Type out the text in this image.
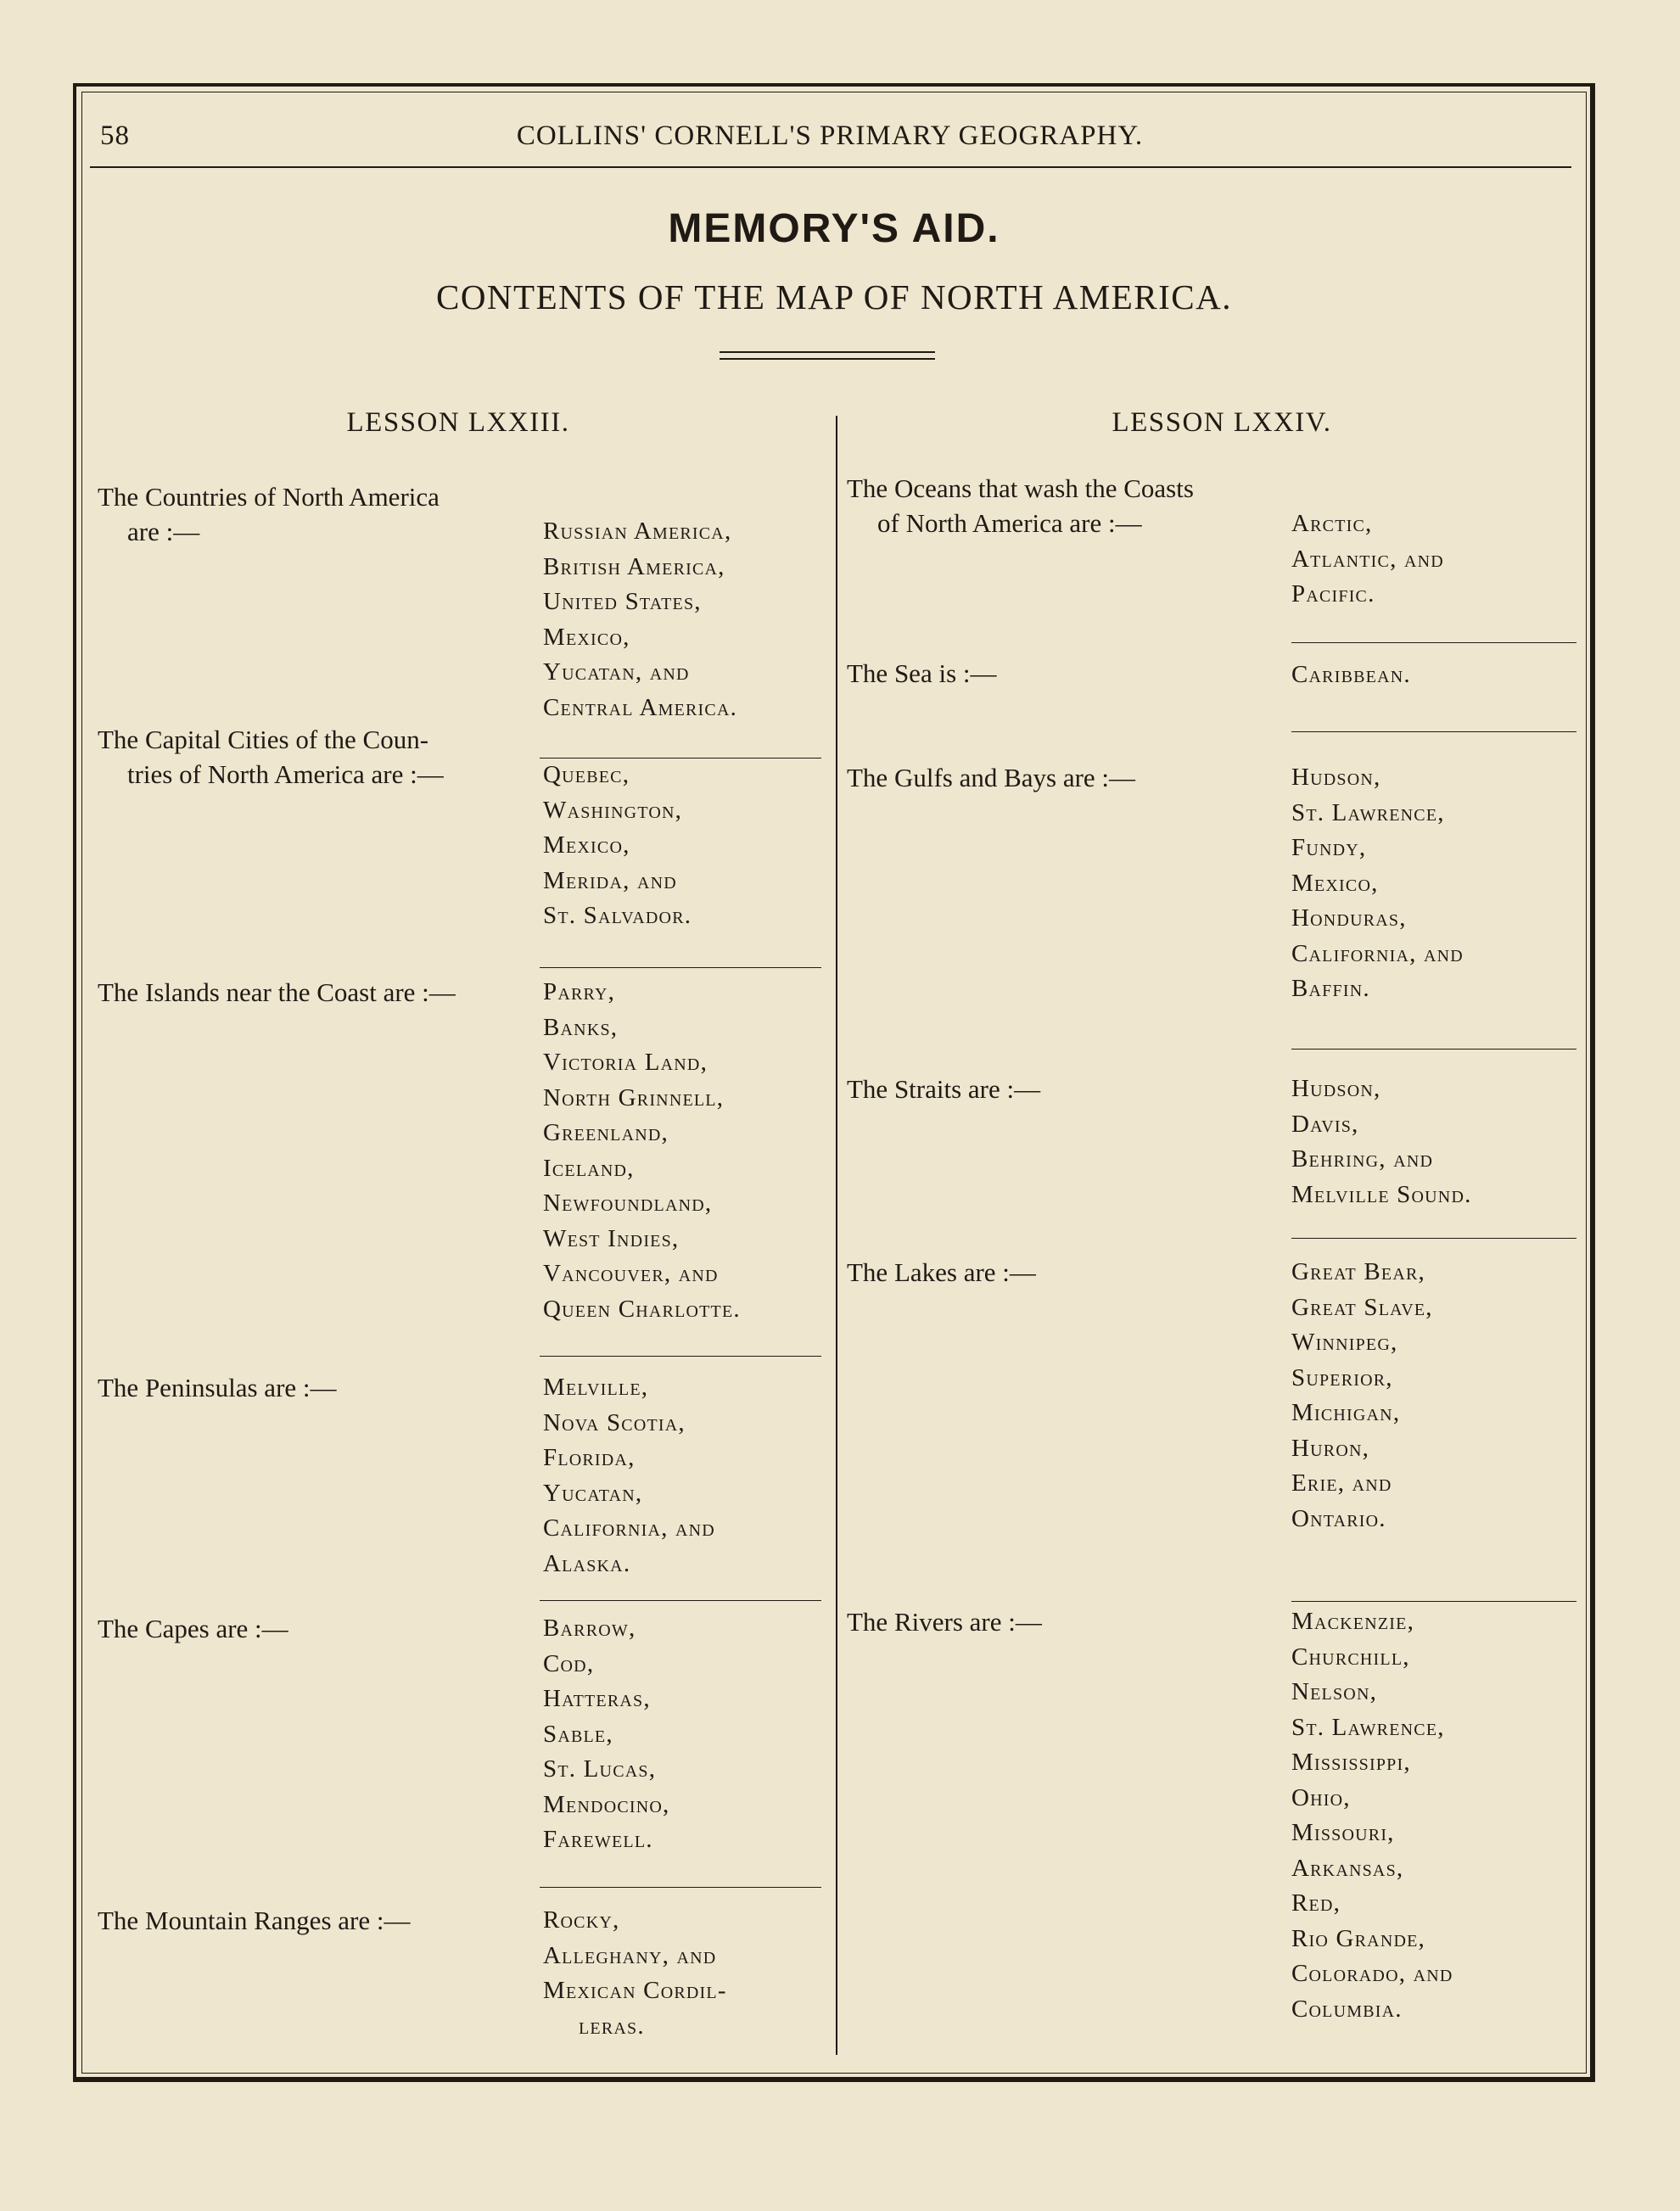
58	COLLINS' CORNELL'S PRIMARY GEOGRAPHY.
MEMORY'S AID.
CONTENTS OF THE MAP OF NORTH AMERICA.
LESSON LXXIII.	LESSON LXXIV.
The Countries of North America
are :—	Russian America,
British America,
United States,
Mexico,
Yucatan, and
Central America.
The Capital Cities of the Coun-
tries of North America are :—	Quebec,
Washington,
Mexico,
Merida, and
St. Salvador.
The Islands near the Coast are :—	Parry,
Banks,
Victoria Land,
North Grinnell,
Greenland,
Iceland,
Newfoundland,
West Indies,
Vancouver, and
Queen Charlotte.
The Peninsulas are :—	Melville,
Nova Scotia,
Florida,
Yucatan,
California, and
Alaska.
The Capes are :—	Barrow,
Cod,
Hatteras,
Sable,
St. Lucas,
Mendocino,
Farewell.
The Mountain Ranges are :—	Rocky,
Alleghany, and
Mexican Cordil-
leras.
The Oceans that wash the Coasts
of North America are :—	Arctic,
Atlantic, and
Pacific.
The Sea is :—	Caribbean.
The Gulfs and Bays are :—	Hudson,
St. Lawrence,
Fundy,
Mexico,
Honduras,
California, and
Baffin.
The Straits are :—	Hudson,
Davis,
Behring, and
Melville Sound.
The Lakes are :—	Great Bear,
Great Slave,
Winnipeg,
Superior,
Michigan,
Huron,
Erie, and
Ontario.
The Rivers are :—	Mackenzie,
Churchill,
Nelson,
St. Lawrence,
Mississippi,
Ohio,
Missouri,
Arkansas,
Red,
Rio Grande,
Colorado, and
Columbia.
